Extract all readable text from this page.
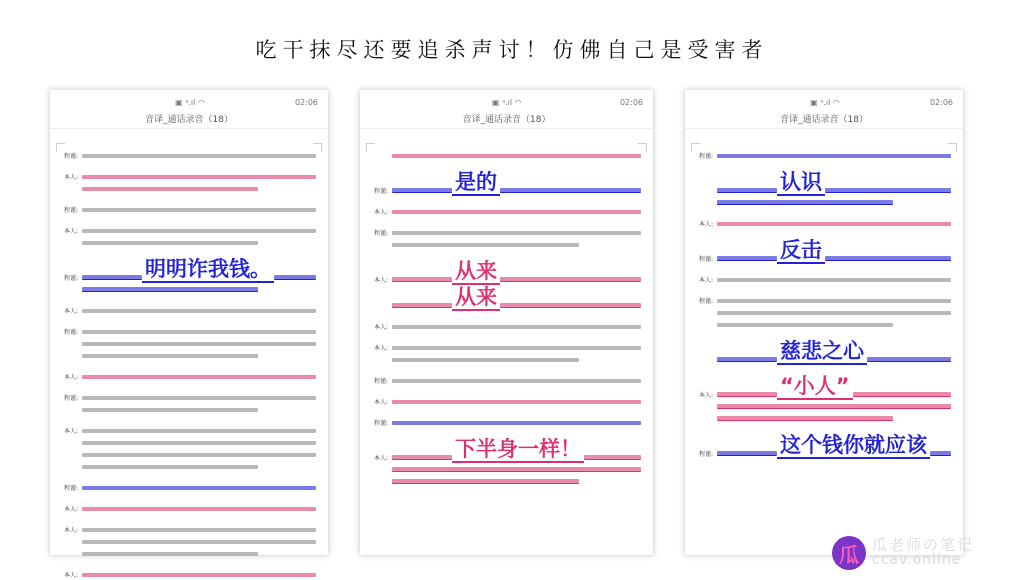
吃干抹尽还要追杀声讨！仿佛自己是受害者
▣ ᵃ.ıl ◠	02:06
音译_通话录音（18）
程谨:
本人:
程谨:
本人:
程谨:	明明诈我钱。
本人:
程谨:
本人:
程谨:
本人:
程谨:
本人:
本人:
本人:
▣ ᵃ.ıl ◠	02:06
音译_通话录音（18）
程谨:	是的
本人:
程谨:
本人:	从来
从来
本人:
本人:
程谨:
本人:
程谨:
本人:	下半身一样！
▣ ᵃ.ıl ◠	02:06
音译_通话录音（18）
程谨:
认识
本人:
程谨:	反击
本人:
程谨:
慈悲之心
本人:	“小人”
程谨:	这个钱你就应该
瓜 瓜老师の笔记
ccav.online
